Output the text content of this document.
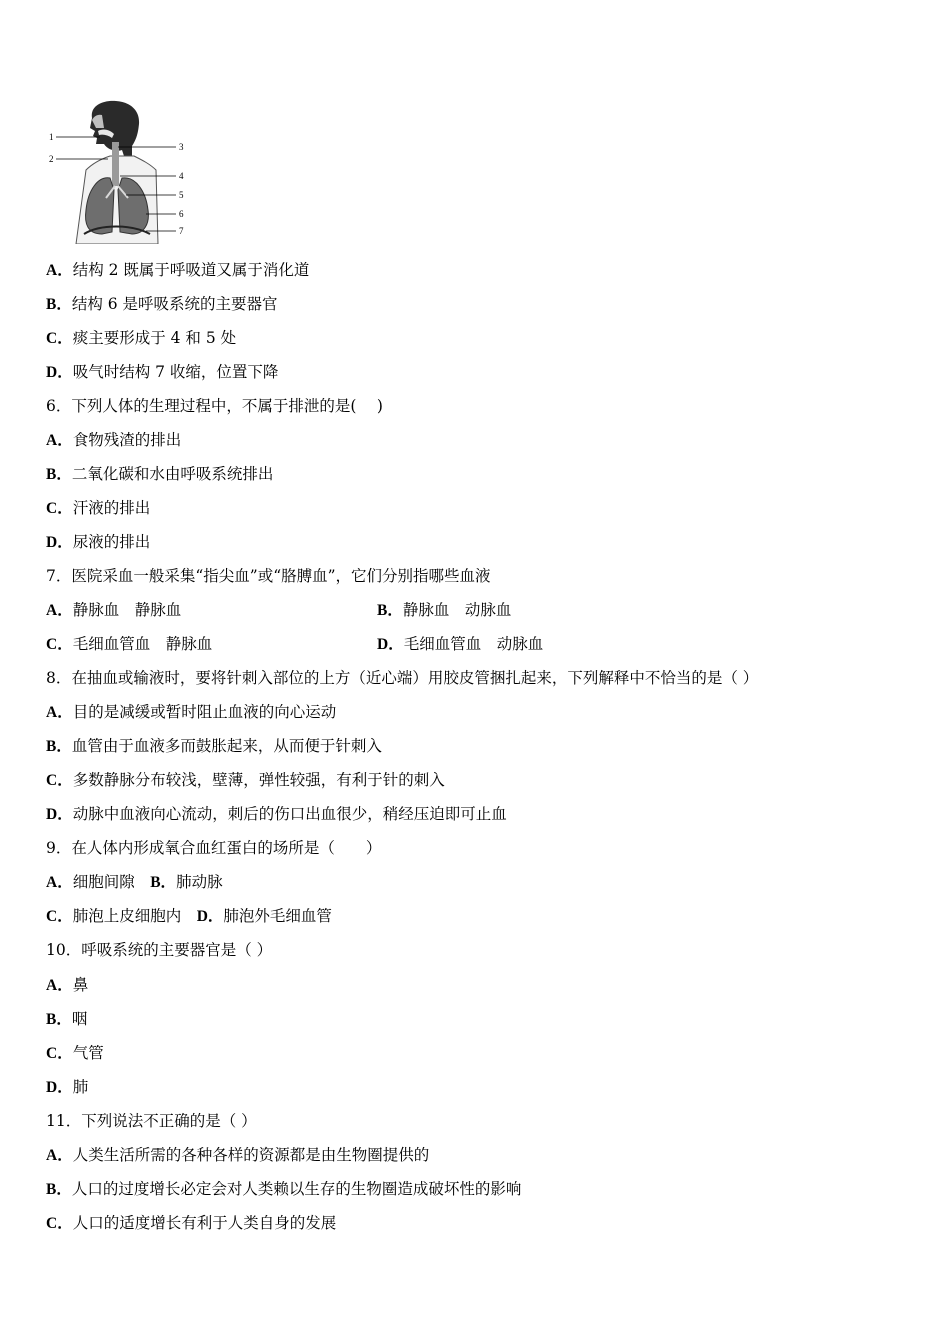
1
2
3
4
5
6
7
A．结构 2 既属于呼吸道又属于消化道
B．结构 6 是呼吸系统的主要器官
C．痰主要形成于 4 和 5 处
D．吸气时结构 7 收缩，位置下降
6．下列人体的生理过程中，不属于排泄的是(　 )
A．食物残渣的排出
B．二氧化碳和水由呼吸系统排出
C．汗液的排出
D．尿液的排出
7．医院采血一般采集“指尖血”或“胳膊血”，它们分别指哪些血液
A．静脉血　静脉血	B．静脉血　动脉血
C．毛细血管血　静脉血	D．毛细血管血　动脉血
8．在抽血或输液时，要将针刺入部位的上方（近心端）用胶皮管捆扎起来，下列解释中不恰当的是（ ）
A．目的是减缓或暂时阻止血液的向心运动
B．血管由于血液多而鼓胀起来，从而便于针刺入
C．多数静脉分布较浅，壁薄，弹性较强，有利于针的刺入
D．动脉中血液向心流动，刺后的伤口出血很少，稍经压迫即可止血
9．在人体内形成氧合血红蛋白的场所是（　　）
A．细胞间隙　B．肺动脉
C．肺泡上皮细胞内　D．肺泡外毛细血管
10．呼吸系统的主要器官是（ ）
A．鼻
B．咽
C．气管
D．肺
11．下列说法不正确的是（ ）
A．人类生活所需的各种各样的资源都是由生物圈提供的
B．人口的过度增长必定会对人类赖以生存的生物圈造成破坏性的影响
C．人口的适度增长有利于人类自身的发展
